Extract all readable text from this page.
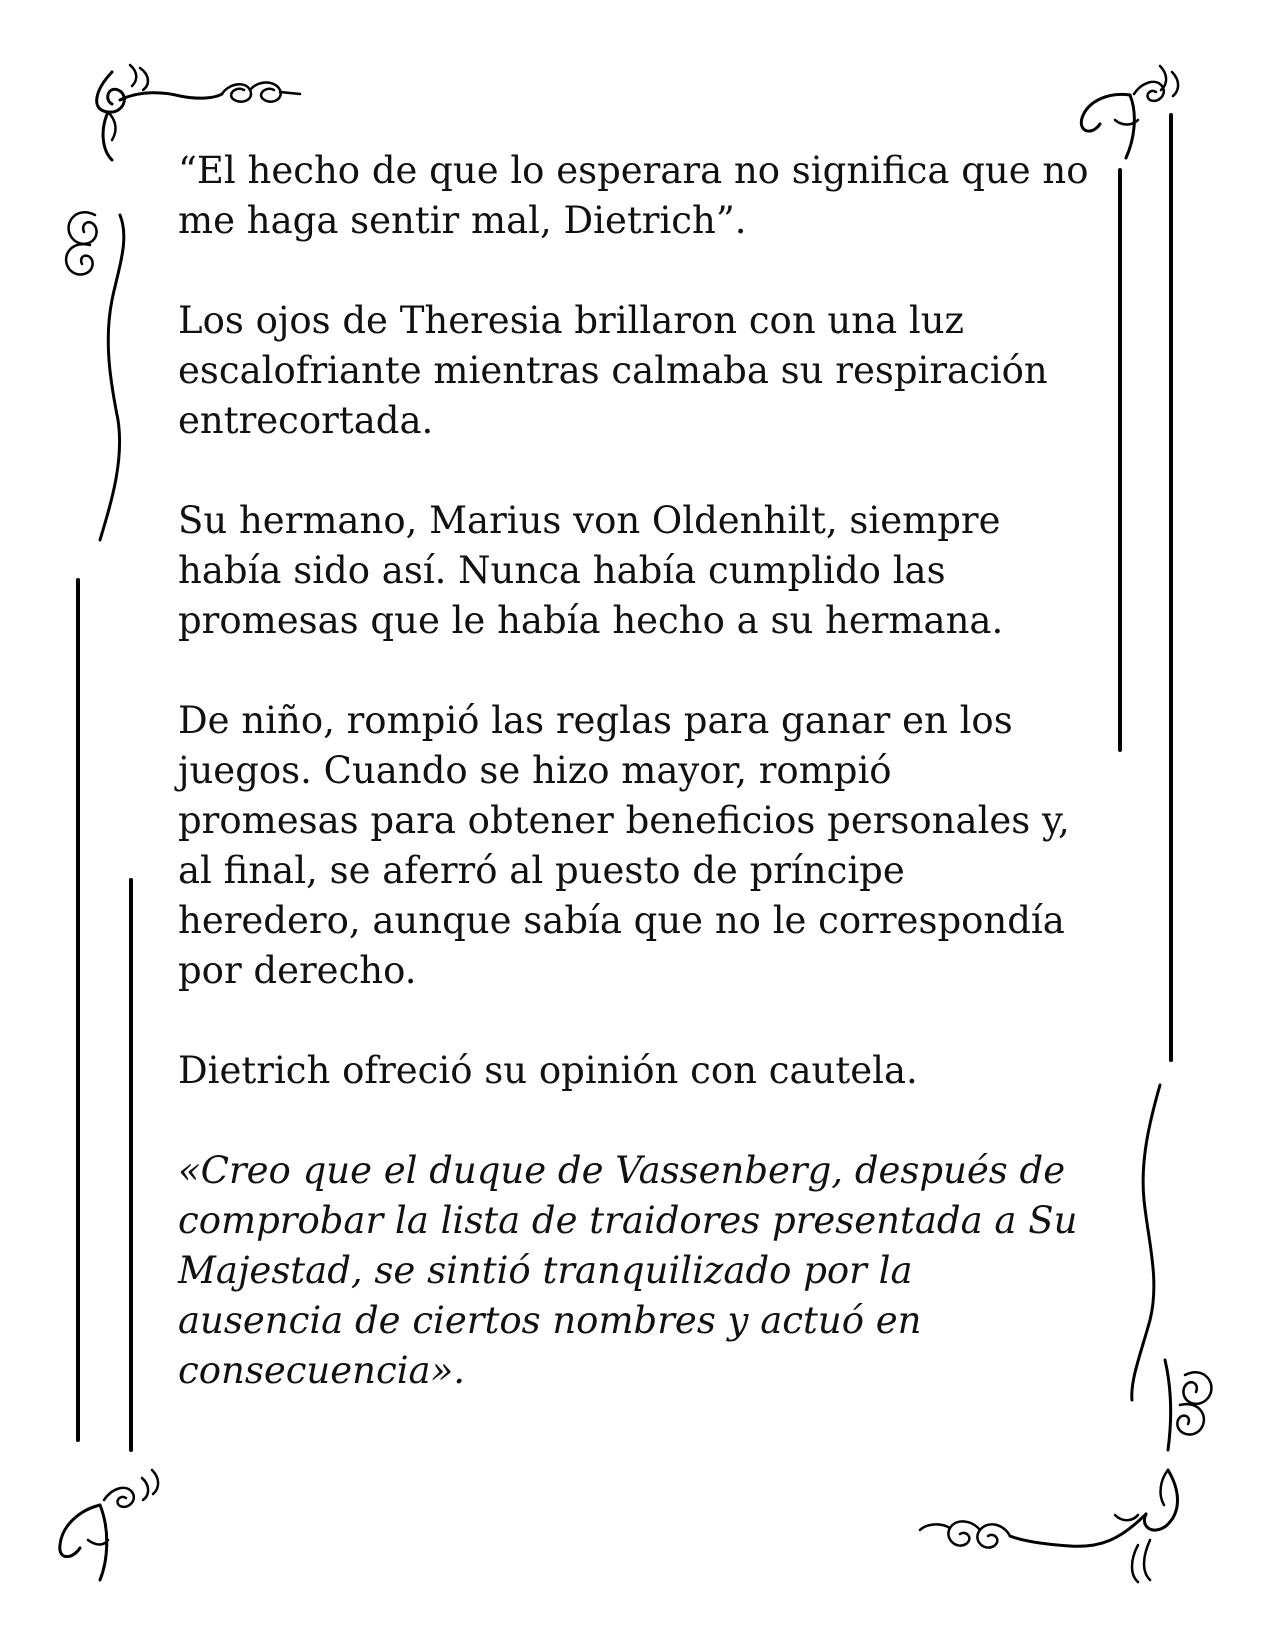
“El hecho de que lo esperara no significa que no
me haga sentir mal, Dietrich”.

Los ojos de Theresia brillaron con una luz
escalofriante mientras calmaba su respiración
entrecortada.

Su hermano, Marius von Oldenhilt, siempre
había sido así. Nunca había cumplido las
promesas que le había hecho a su hermana.

De niño, rompió las reglas para ganar en los
juegos. Cuando se hizo mayor, rompió
promesas para obtener beneficios personales y,
al final, se aferró al puesto de príncipe
heredero, aunque sabía que no le correspondía
por derecho.

Dietrich ofreció su opinión con cautela.

«Creo que el duque de Vassenberg, después de
comprobar la lista de traidores presentada a Su
Majestad, se sintió tranquilizado por la
ausencia de ciertos nombres y actuó en
consecuencia».
